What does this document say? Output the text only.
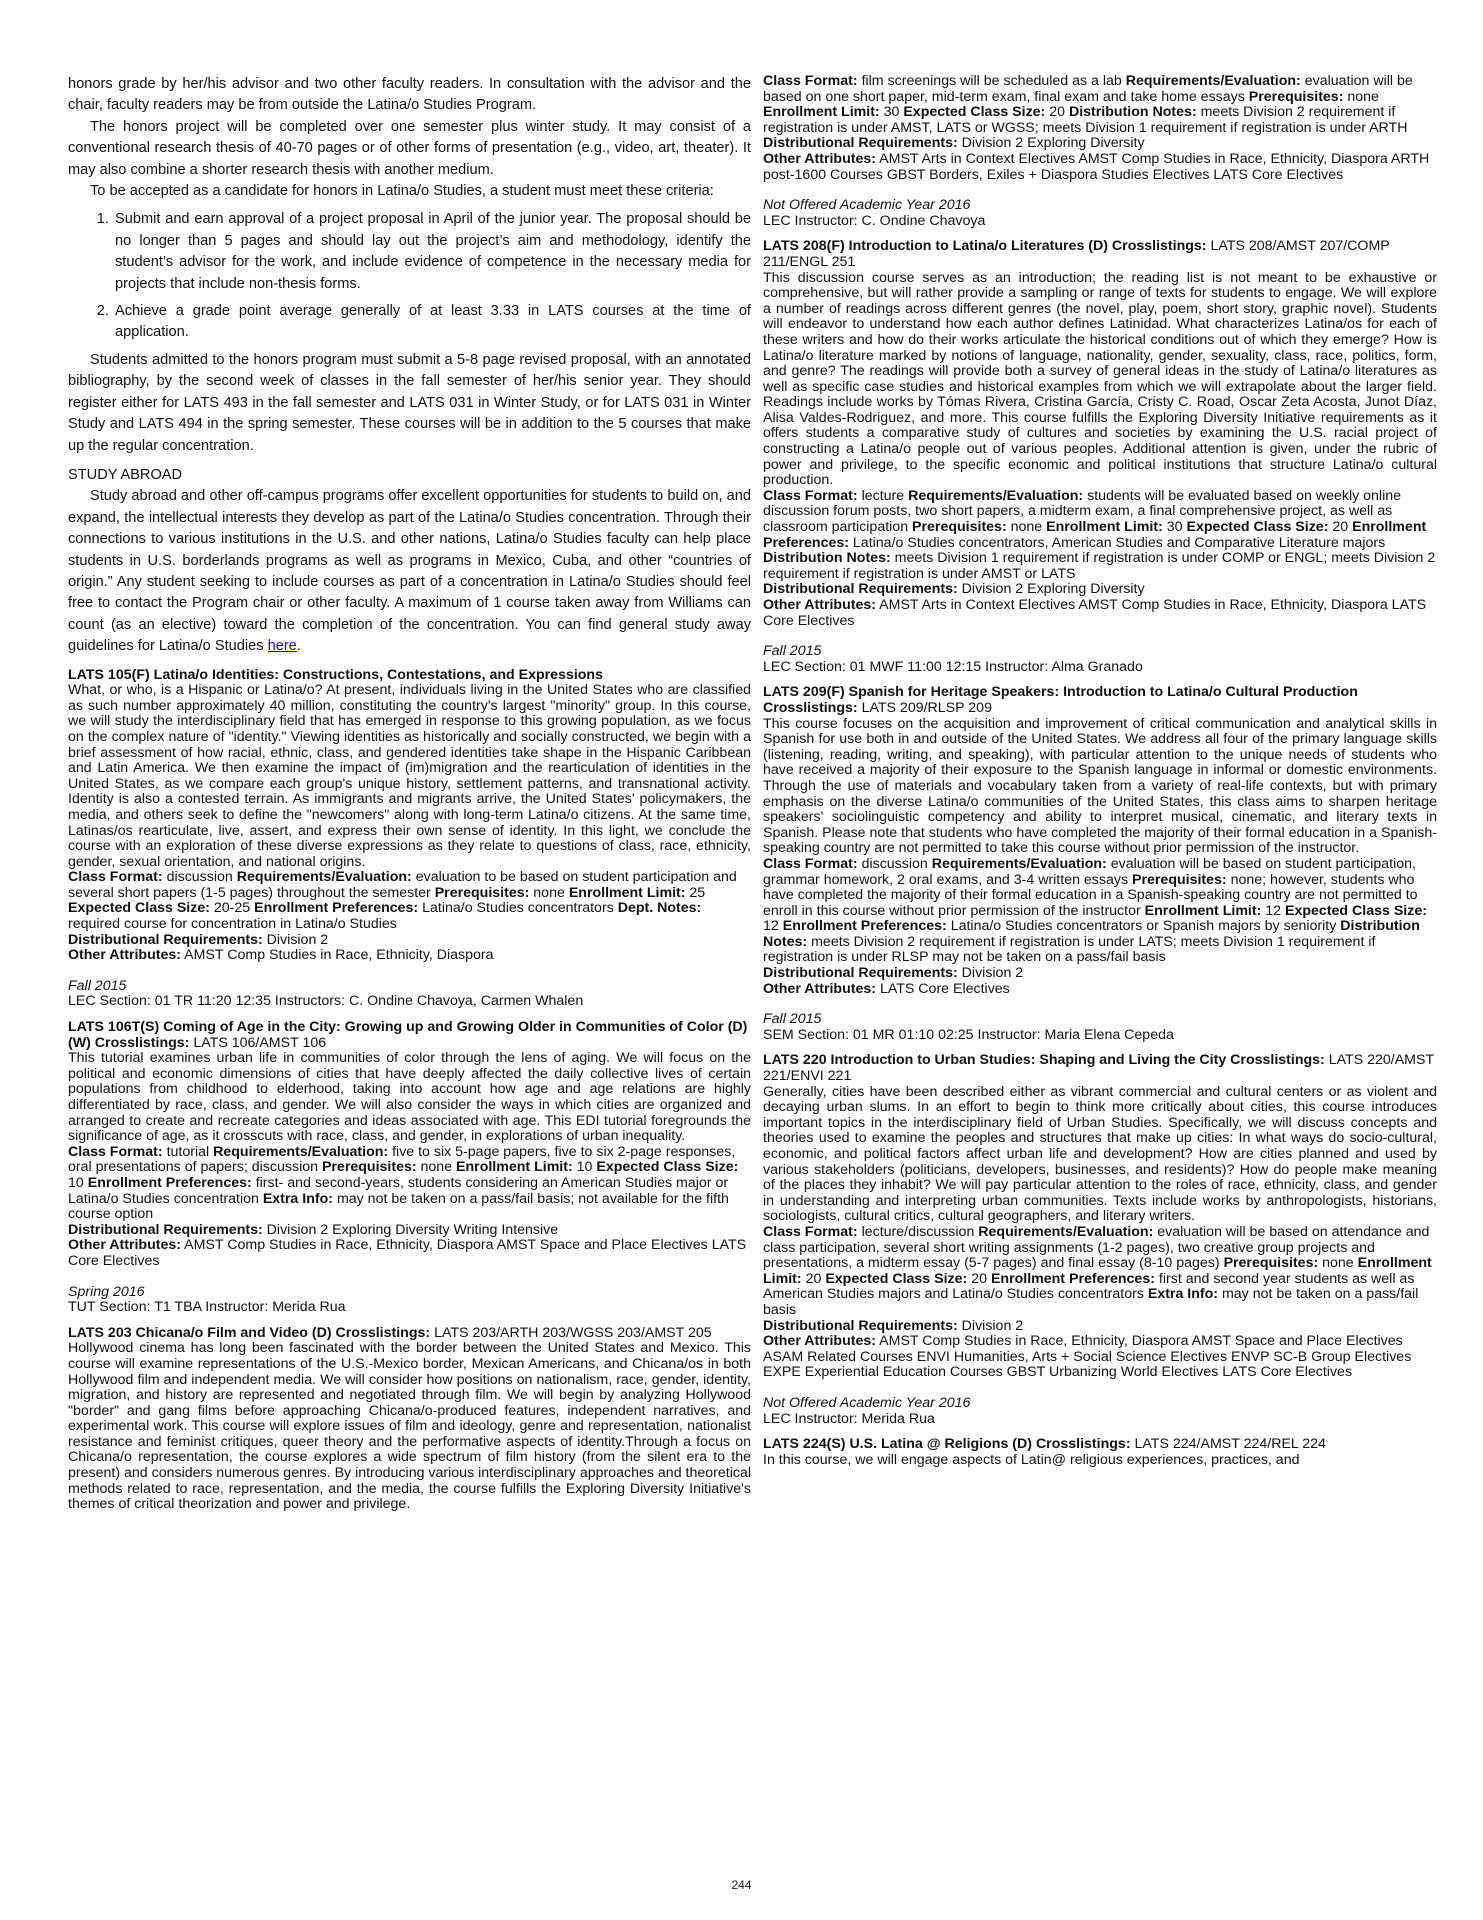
honors grade by her/his advisor and two other faculty readers. In consultation with the advisor and the chair, faculty readers may be from outside the Latina/o Studies Program.

The honors project will be completed over one semester plus winter study. It may consist of a conventional research thesis of 40-70 pages or of other forms of presentation (e.g., video, art, theater). It may also combine a shorter research thesis with another medium.

To be accepted as a candidate for honors in Latina/o Studies, a student must meet these criteria:

1. Submit and earn approval of a project proposal in April of the junior year. The proposal should be no longer than 5 pages and should lay out the project’s aim and methodology, identify the student’s advisor for the work, and include evidence of competence in the necessary media for projects that include non-thesis forms.
2. Achieve a grade point average generally of at least 3.33 in LATS courses at the time of application.

Students admitted to the honors program must submit a 5-8 page revised proposal, with an annotated bibliography, by the second week of classes in the fall semester of her/his senior year. They should register either for LATS 493 in the fall semester and LATS 031 in Winter Study, or for LATS 031 in Winter Study and LATS 494 in the spring semester. These courses will be in addition to the 5 courses that make up the regular concentration.

STUDY ABROAD

Study abroad and other off-campus programs offer excellent opportunities for students to build on, and expand, the intellectual interests they develop as part of the Latina/o Studies concentration. Through their connections to various institutions in the U.S. and other nations, Latina/o Studies faculty can help place students in U.S. borderlands programs as well as programs in Mexico, Cuba, and other “countries of origin.” Any student seeking to include courses as part of a concentration in Latina/o Studies should feel free to contact the Program chair or other faculty. A maximum of 1 course taken away from Williams can count (as an elective) toward the completion of the concentration. You can find general study away guidelines for Latina/o Studies here.

LATS 105(F) Latina/o Identities: Constructions, Contestations, and Expressions
What, or who, is a Hispanic or Latina/o? At present, individuals living in the United States who are classified as such number approximately 40 million, constituting the country's largest "minority" group. In this course, we will study the interdisciplinary field that has emerged in response to this growing population, as we focus on the complex nature of "identity." Viewing identities as historically and socially constructed, we begin with a brief assessment of how racial, ethnic, class, and gendered identities take shape in the Hispanic Caribbean and Latin America. We then examine the impact of (im)migration and the rearticulation of identities in the United States, as we compare each group's unique history, settlement patterns, and transnational activity. Identity is also a contested terrain. As immigrants and migrants arrive, the United States' policymakers, the media, and others seek to define the "newcomers" along with long-term Latina/o citizens. At the same time, Latinas/os rearticulate, live, assert, and express their own sense of identity. In this light, we conclude the course with an exploration of these diverse expressions as they relate to questions of class, race, ethnicity, gender, sexual orientation, and national origins.
Class Format: discussion Requirements/Evaluation: evaluation to be based on student participation and several short papers (1-5 pages) throughout the semester Prerequisites: none Enrollment Limit: 25 Expected Class Size: 20-25 Enrollment Preferences: Latina/o Studies concentrators Dept. Notes: required course for concentration in Latina/o Studies
Distributional Requirements: Division 2
Other Attributes: AMST Comp Studies in Race, Ethnicity, Diaspora
Fall 2015
LEC Section: 01 TR 11:20 12:35 Instructors: C. Ondine Chavoya, Carmen Whalen
LATS 106T(S) Coming of Age in the City: Growing up and Growing Older in Communities of Color (D) (W) Crosslistings: LATS 106/AMST 106
This tutorial examines urban life in communities of color through the lens of aging. We will focus on the political and economic dimensions of cities that have deeply affected the daily collective lives of certain populations from childhood to elderhood, taking into account how age and age relations are highly differentiated by race, class, and gender. We will also consider the ways in which cities are organized and arranged to create and recreate categories and ideas associated with age. This EDI tutorial foregrounds the significance of age, as it crosscuts with race, class, and gender, in explorations of urban inequality.
Class Format: tutorial Requirements/Evaluation: five to six 5-page papers, five to six 2-page responses, oral presentations of papers; discussion Prerequisites: none Enrollment Limit: 10 Expected Class Size: 10 Enrollment Preferences: first- and second-years, students considering an American Studies major or Latina/o Studies concentration Extra Info: may not be taken on a pass/fail basis; not available for the fifth course option
Distributional Requirements: Division 2 Exploring Diversity Writing Intensive
Other Attributes: AMST Comp Studies in Race, Ethnicity, Diaspora AMST Space and Place Electives LATS Core Electives
Spring 2016
TUT Section: T1 TBA Instructor: Merida Rua
LATS 203 Chicana/o Film and Video (D) Crosslistings: LATS 203/ARTH 203/WGSS 203/AMST 205
Hollywood cinema has long been fascinated with the border between the United States and Mexico. This course will examine representations of the U.S.-Mexico border, Mexican Americans, and Chicana/os in both Hollywood film and independent media. We will consider how positions on nationalism, race, gender, identity, migration, and history are represented and negotiated through film. We will begin by analyzing Hollywood "border" and gang films before approaching Chicana/o-produced features, independent narratives, and experimental work. This course will explore issues of film and ideology, genre and representation, nationalist resistance and feminist critiques, queer theory and the performative aspects of identity.Through a focus on Chicana/o representation, the course explores a wide spectrum of film history (from the silent era to the present) and considers numerous genres. By introducing various interdisciplinary approaches and theoretical methods related to race, representation, and the media, the course fulfills the Exploring Diversity Initiative's themes of critical theorization and power and privilege.
Class Format: film screenings will be scheduled as a lab Requirements/Evaluation: evaluation will be based on one short paper, mid-term exam, final exam and take home essays Prerequisites: none Enrollment Limit: 30 Expected Class Size: 20 Distribution Notes: meets Division 2 requirement if registration is under AMST, LATS or WGSS; meets Division 1 requirement if registration is under ARTH
Distributional Requirements: Division 2 Exploring Diversity
Other Attributes: AMST Arts in Context Electives AMST Comp Studies in Race, Ethnicity, Diaspora ARTH post-1600 Courses GBST Borders, Exiles + Diaspora Studies Electives LATS Core Electives
Not Offered Academic Year 2016
LEC Instructor: C. Ondine Chavoya
LATS 208(F) Introduction to Latina/o Literatures (D) Crosslistings: LATS 208/AMST 207/COMP 211/ENGL 251
This discussion course serves as an introduction; the reading list is not meant to be exhaustive or comprehensive, but will rather provide a sampling or range of texts for students to engage. We will explore a number of readings across different genres (the novel, play, poem, short story, graphic novel). Students will endeavor to understand how each author defines Latinidad. What characterizes Latina/os for each of these writers and how do their works articulate the historical conditions out of which they emerge? How is Latina/o literature marked by notions of language, nationality, gender, sexuality, class, race, politics, form, and genre? The readings will provide both a survey of general ideas in the study of Latina/o literatures as well as specific case studies and historical examples from which we will extrapolate about the larger field. Readings include works by Tómas Rivera, Cristina García, Cristy C. Road, Oscar Zeta Acosta, Junot Díaz, Alisa Valdes-Rodriguez, and more. This course fulfills the Exploring Diversity Initiative requirements as it offers students a comparative study of cultures and societies by examining the U.S. racial project of constructing a Latina/o people out of various peoples. Additional attention is given, under the rubric of power and privilege, to the specific economic and political institutions that structure Latina/o cultural production.
Class Format: lecture Requirements/Evaluation: students will be evaluated based on weekly online discussion forum posts, two short papers, a midterm exam, a final comprehensive project, as well as classroom participation Prerequisites: none Enrollment Limit: 30 Expected Class Size: 20 Enrollment Preferences: Latina/o Studies concentrators, American Studies and Comparative Literature majors Distribution Notes: meets Division 1 requirement if registration is under COMP or ENGL; meets Division 2 requirement if registration is under AMST or LATS
Distributional Requirements: Division 2 Exploring Diversity
Other Attributes: AMST Arts in Context Electives AMST Comp Studies in Race, Ethnicity, Diaspora LATS Core Electives
Fall 2015
LEC Section: 01 MWF 11:00 12:15 Instructor: Alma Granado
LATS 209(F) Spanish for Heritage Speakers: Introduction to Latina/o Cultural Production Crosslistings: LATS 209/RLSP 209
This course focuses on the acquisition and improvement of critical communication and analytical skills in Spanish for use both in and outside of the United States. We address all four of the primary language skills (listening, reading, writing, and speaking), with particular attention to the unique needs of students who have received a majority of their exposure to the Spanish language in informal or domestic environments. Through the use of materials and vocabulary taken from a variety of real-life contexts, but with primary emphasis on the diverse Latina/o communities of the United States, this class aims to sharpen heritage speakers' sociolinguistic competency and ability to interpret musical, cinematic, and literary texts in Spanish. Please note that students who have completed the majority of their formal education in a Spanish-speaking country are not permitted to take this course without prior permission of the instructor.
Class Format: discussion Requirements/Evaluation: evaluation will be based on student participation, grammar homework, 2 oral exams, and 3-4 written essays Prerequisites: none; however, students who have completed the majority of their formal education in a Spanish-speaking country are not permitted to enroll in this course without prior permission of the instructor Enrollment Limit: 12 Expected Class Size: 12 Enrollment Preferences: Latina/o Studies concentrators or Spanish majors by seniority Distribution Notes: meets Division 2 requirement if registration is under LATS; meets Division 1 requirement if registration is under RLSP may not be taken on a pass/fail basis
Distributional Requirements: Division 2
Other Attributes: LATS Core Electives
Fall 2015
SEM Section: 01 MR 01:10 02:25 Instructor: Maria Elena Cepeda
LATS 220 Introduction to Urban Studies: Shaping and Living the City Crosslistings: LATS 220/AMST 221/ENVI 221
Generally, cities have been described either as vibrant commercial and cultural centers or as violent and decaying urban slums. In an effort to begin to think more critically about cities, this course introduces important topics in the interdisciplinary field of Urban Studies. Specifically, we will discuss concepts and theories used to examine the peoples and structures that make up cities: In what ways do socio-cultural, economic, and political factors affect urban life and development? How are cities planned and used by various stakeholders (politicians, developers, businesses, and residents)? How do people make meaning of the places they inhabit? We will pay particular attention to the roles of race, ethnicity, class, and gender in understanding and interpreting urban communities. Texts include works by anthropologists, historians, sociologists, cultural critics, cultural geographers, and literary writers.
Class Format: lecture/discussion Requirements/Evaluation: evaluation will be based on attendance and class participation, several short writing assignments (1-2 pages), two creative group projects and presentations, a midterm essay (5-7 pages) and final essay (8-10 pages) Prerequisites: none Enrollment Limit: 20 Expected Class Size: 20 Enrollment Preferences: first and second year students as well as American Studies majors and Latina/o Studies concentrators Extra Info: may not be taken on a pass/fail basis
Distributional Requirements: Division 2
Other Attributes: AMST Comp Studies in Race, Ethnicity, Diaspora AMST Space and Place Electives ASAM Related Courses ENVI Humanities, Arts + Social Science Electives ENVP SC-B Group Electives EXPE Experiential Education Courses GBST Urbanizing World Electives LATS Core Electives
Not Offered Academic Year 2016
LEC Instructor: Merida Rua
LATS 224(S) U.S. Latina @ Religions (D) Crosslistings: LATS 224/AMST 224/REL 224
In this course, we will engage aspects of Latin@ religious experiences, practices, and
244
